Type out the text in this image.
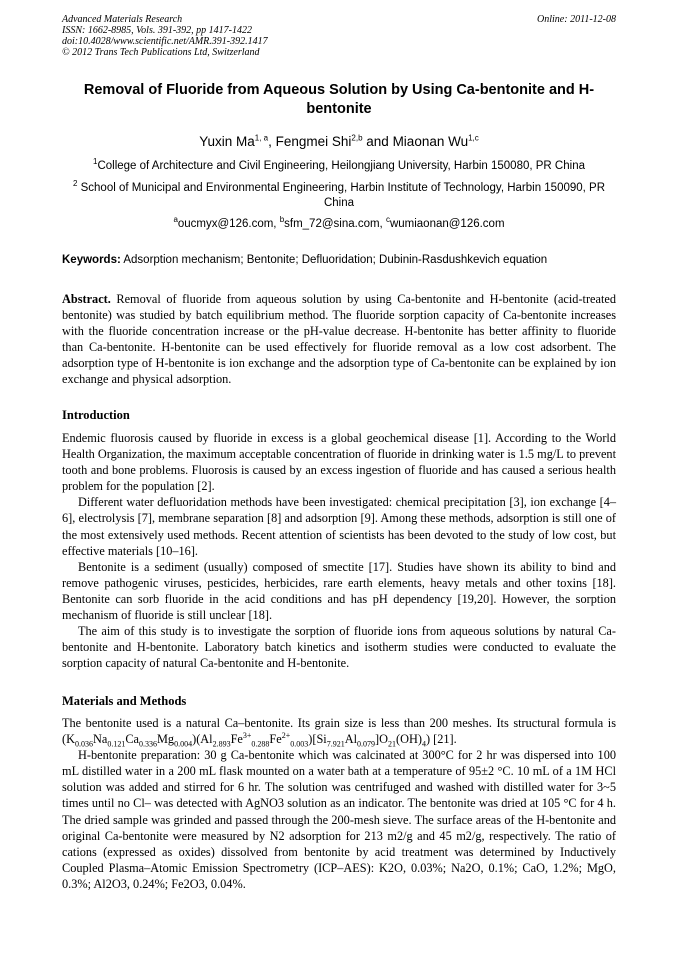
Advanced Materials Research
ISSN: 1662-8985, Vols. 391-392, pp 1417-1422
doi:10.4028/www.scientific.net/AMR.391-392.1417
© 2012 Trans Tech Publications Ltd, Switzerland
Online: 2011-12-08
Removal of Fluoride from Aqueous Solution by Using Ca-bentonite and H-bentonite
Yuxin Ma$^{1, a}$, Fengmei Shi$^{2,b}$ and Miaonan Wu$^{1,c}$
$^1$College of Architecture and Civil Engineering, Heilongjiang University, Harbin 150080, PR China
$^2$ School of Municipal and Environmental Engineering, Harbin Institute of Technology, Harbin 150090, PR China
$^a$oucmyx@126.com, $^b$sfm_72@sina.com, $^c$wumiaonan@126.com
Keywords: Adsorption mechanism; Bentonite; Defluoridation; Dubinin-Rasdushkevich equation

Abstract. Removal of fluoride from aqueous solution by using Ca-bentonite and H-bentonite (acid-treated bentonite) was studied by batch equilibrium method. The fluoride sorption capacity of Ca-bentonite increases with the fluoride concentration increase or the pH-value decrease. H-bentonite has better affinity to fluoride than Ca-bentonite. H-bentonite can be used effectively for fluoride removal as a low cost adsorbent. The adsorption type of H-bentonite is ion exchange and the adsorption type of Ca-bentonite can be explained by ion exchange and physical adsorption.

Introduction

Endemic fluorosis caused by fluoride in excess is a global geochemical disease [1]. According to the World Health Organization, the maximum acceptable concentration of fluoride in drinking water is 1.5 mg/L to prevent tooth and bone problems. Fluorosis is caused by an excess ingestion of fluoride and has caused a serious health problem for the population [2].

Different water defluoridation methods have been investigated: chemical precipitation [3], ion exchange [4–6], electrolysis [7], membrane separation [8] and adsorption [9]. Among these methods, adsorption is still one of the most extensively used methods. Recent attention of scientists has been devoted to the study of low cost, but effective materials [10–16].

Bentonite is a sediment (usually) composed of smectite [17]. Studies have shown its ability to bind and remove pathogenic viruses, pesticides, herbicides, rare earth elements, heavy metals and other toxins [18]. Bentonite can sorb fluoride in the acid conditions and has pH dependency [19,20]. However, the sorption mechanism of fluoride is still unclear [18].

The aim of this study is to investigate the sorption of fluoride ions from aqueous solutions by natural Ca-bentonite and H-bentonite. Laboratory batch kinetics and isotherm studies were conducted to evaluate the sorption capacity of natural Ca-bentonite and H-bentonite.

Materials and Methods

The bentonite used is a natural Ca–bentonite. Its grain size is less than 200 meshes. Its structural formula is $(K_{0.036}Na_{0.121}Ca_{0.336}Mg_{0.004})(Al_{2.893}Fe^{3+}_{0.288}Fe^{2+}_{0.003})[Si_{7.921}Al_{0.079}]O_{21}(OH)_4$) [21].

H-bentonite preparation: 30 g Ca-bentonite which was calcinated at 300°C for 2 hr was dispersed into 100 mL distilled water in a 200 mL flask mounted on a water bath at a temperature of 95±2 °C. 10 mL of a 1M HCl solution was added and stirred for 6 hr. The solution was centrifuged and washed with distilled water for 3~5 times until no Cl– was detected with AgNO3 solution as an indicator. The bentonite was dried at 105 °C for 4 h. The dried sample was grinded and passed through the 200-mesh sieve. The surface areas of the H-bentonite and original Ca-bentonite were measured by N2 adsorption for 213 m2/g and 45 m2/g, respectively. The ratio of cations (expressed as oxides) dissolved from bentonite by acid treatment was determined by Inductively Coupled Plasma–Atomic Emission Spectrometry (ICP–AES): K2O, 0.03%; Na2O, 0.1%; CaO, 1.2%; MgO, 0.3%; Al2O3, 0.24%; Fe2O3, 0.04%.
